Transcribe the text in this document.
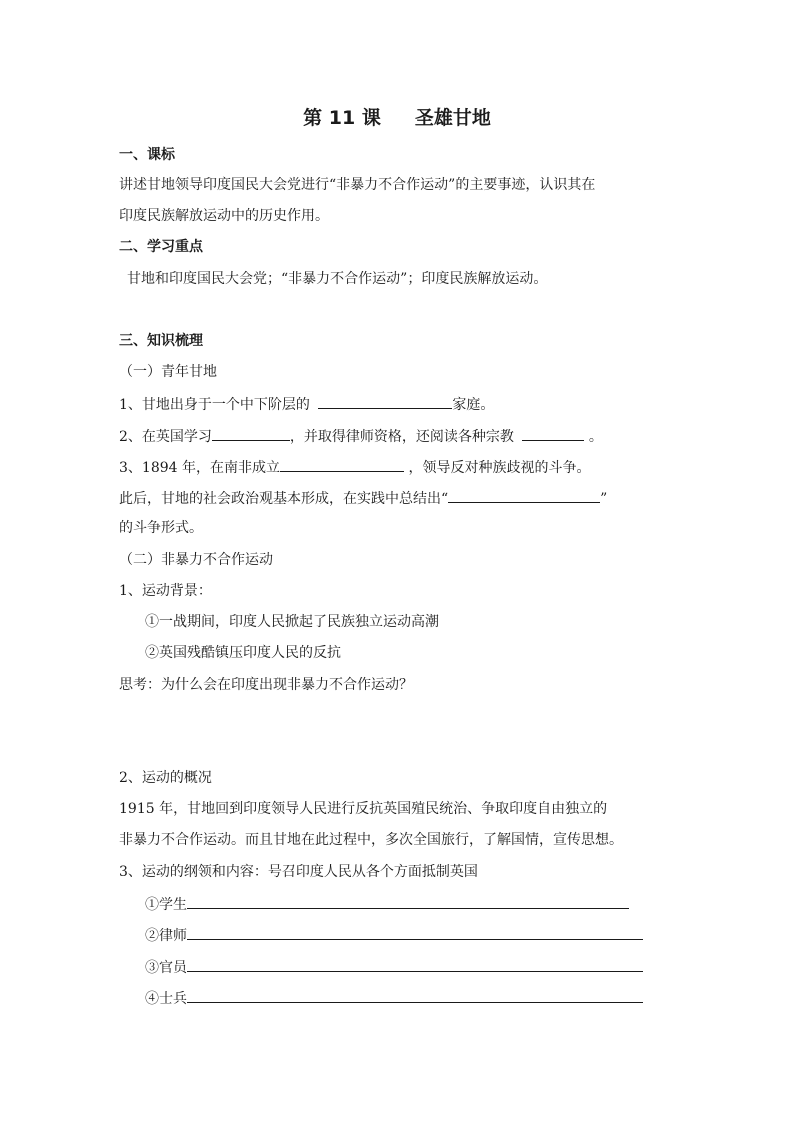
第 11 课 圣雄甘地
一、课标
讲述甘地领导印度国民大会党进行“非暴力不合作运动”的主要事迹，认识其在
印度民族解放运动中的历史作用。
二、学习重点
甘地和印度国民大会党；“非暴力不合作运动”；印度民族解放运动。
三、知识梳理
（一）青年甘地
1、甘地出身于一个中下阶层的	家庭。
2、在英国学习	，并取得律师资格，还阅读各种宗教	。
3、1894 年，在南非成立	，领导反对种族歧视的斗争。
此后，甘地的社会政治观基本形成，在实践中总结出“	”
的斗争形式。
（二）非暴力不合作运动
1、运动背景：
①一战期间，印度人民掀起了民族独立运动高潮
②英国残酷镇压印度人民的反抗
思考：为什么会在印度出现非暴力不合作运动？
2、运动的概况
1915 年，甘地回到印度领导人民进行反抗英国殖民统治、争取印度自由独立的
非暴力不合作运动。而且甘地在此过程中，多次全国旅行，了解国情，宣传思想。
3、运动的纲领和内容：号召印度人民从各个方面抵制英国
①学生
②律师
③官员
④士兵
